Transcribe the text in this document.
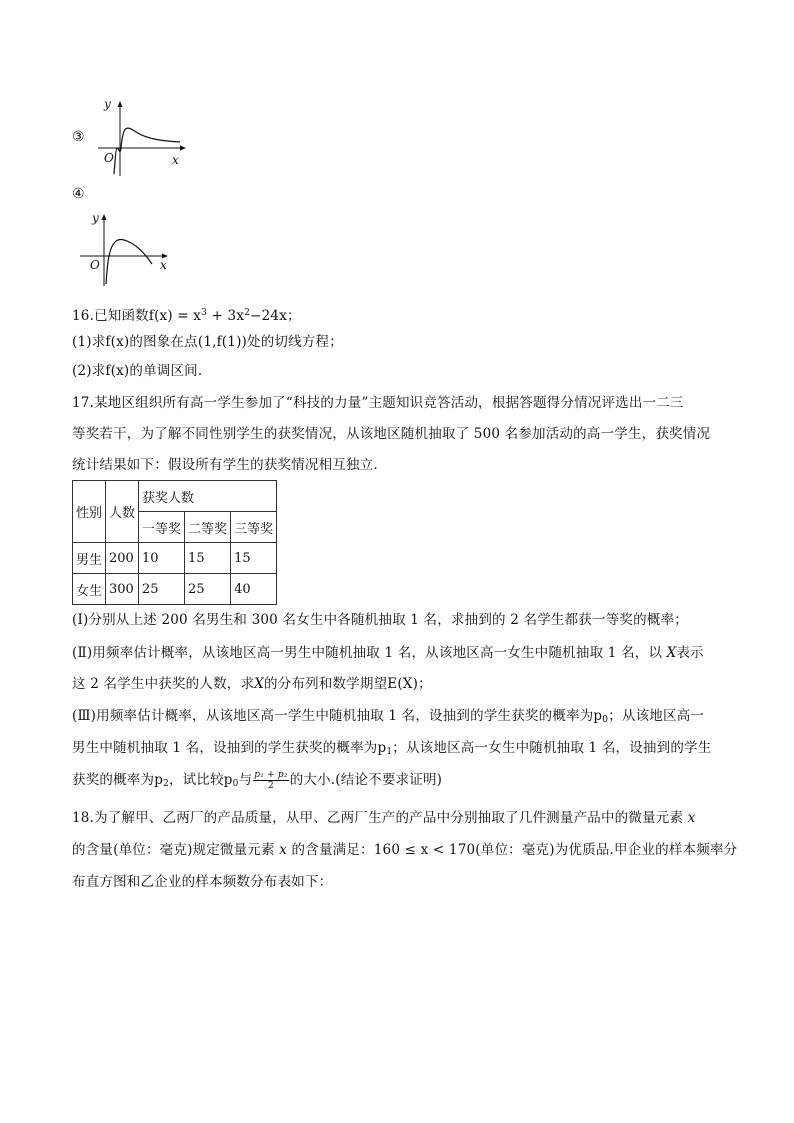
③
y
O	x
④
y
O	x
16.已知函数$f(x) = x^3 + 3x^2-24x$；
(1)求f(x)的图象在点(1,f(1))处的切线方程；
(2)求f(x)的单调区间.
17.某地区组织所有高一学生参加了“科技的力量”主题知识竞答活动，根据答题得分情况评选出一二三
等奖若干，为了解不同性别学生的获奖情况，从该地区随机抽取了 500 名参加活动的高一学生，获奖情况
统计结果如下：假设所有学生的获奖情况相互独立.
性别	人数	获奖人数		
		一等奖	二等奖	三等奖
男生	200	10	15	15
女生	300	25	25	40
(Ⅰ)分别从上述 200 名男生和 300 名女生中各随机抽取 1 名，求抽到的 2 名学生都获一等奖的概率；
(Ⅱ)用频率估计概率，从该地区高一男生中随机抽取 1 名，从该地区高一女生中随机抽取 1 名，以 X表示
这 2 名学生中获奖的人数，求X的分布列和数学期望E(X)；
(Ⅲ)用频率估计概率，从该地区高一学生中随机抽取 1 名，设抽到的学生获奖的概率为$p_0$；从该地区高一
男生中随机抽取 1 名，设抽到的学生获奖的概率为$p_1$；从该地区高一女生中随机抽取 1 名，设抽到的学生
获奖的概率为$p_2$，试比较$p_0$与 $\frac{\text{p₁ + p₂}}{2}$ 的大小.(结论不要求证明)
18.为了解甲、乙两厂的产品质量，从甲、乙两厂生产的产品中分别抽取了几件测量产品中的微量元素 x
的含量(单位：毫克)规定微量元素 x 的含量满足：160 ≤ x < 170(单位：毫克)为优质品.甲企业的样本频率分
布直方图和乙企业的样本频数分布表如下：
